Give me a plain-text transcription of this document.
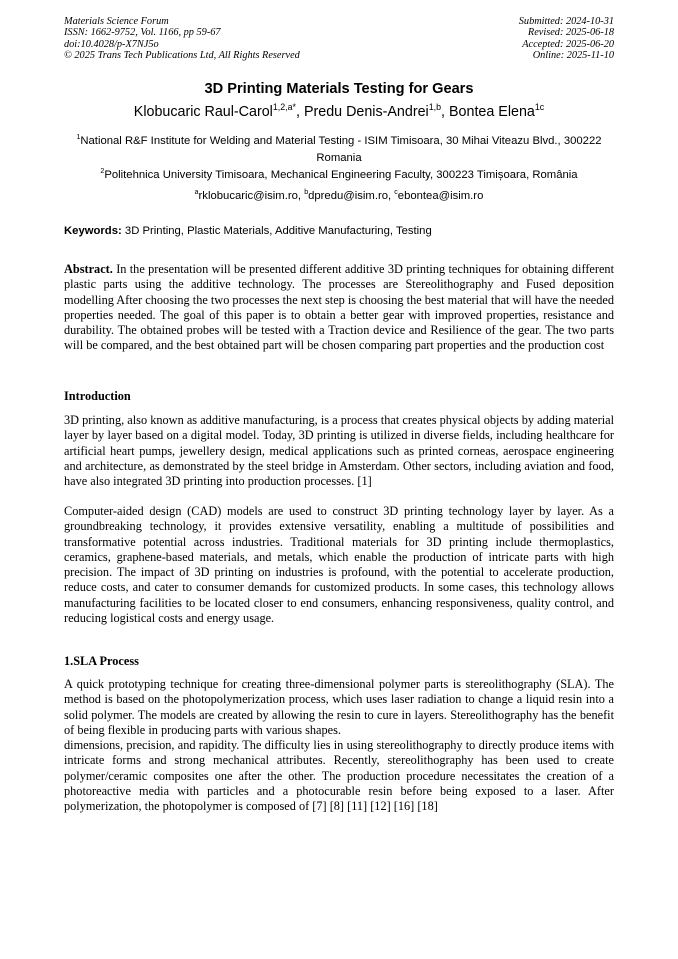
Materials Science Forum
ISSN: 1662-9752, Vol. 1166, pp 59-67
doi:10.4028/p-X7NJ5o
© 2025 Trans Tech Publications Ltd, All Rights Reserved
Submitted: 2024-10-31
Revised: 2025-06-18
Accepted: 2025-06-20
Online: 2025-11-10
3D Printing Materials Testing for Gears
Klobucaric Raul-Carol$^{1,2,a*}$, Predu Denis-Andrei$^{1,b}$, Bontea Elena$^{1c}$
$^1$National R&F Institute for Welding and Material Testing - ISIM Timisoara, 30 Mihai Viteazu Blvd., 300222 Romania
$^2$Politehnica University Timisoara, Mechanical Engineering Faculty, 300223 Timișoara, România
$^a$rklobucaric@isim.ro, $^b$dpredu@isim.ro, $^c$ebontea@isim.ro
Keywords: 3D Printing, Plastic Materials, Additive Manufacturing, Testing
Abstract. In the presentation will be presented different additive 3D printing techniques for obtaining different plastic parts using the additive technology. The processes are Stereolithography and Fused deposition modelling After choosing the two processes the next step is choosing the best material that will have the needed properties needed. The goal of this paper is to obtain a better gear with improved properties, resistance and durability. The obtained probes will be tested with a Traction device and Resilience of the gear. The two parts will be compared, and the best obtained part will be chosen comparing part properties and the production cost
Introduction
3D printing, also known as additive manufacturing, is a process that creates physical objects by adding material layer by layer based on a digital model. Today, 3D printing is utilized in diverse fields, including healthcare for artificial heart pumps, jewellery design, medical applications such as printed corneas, aerospace engineering and architecture, as demonstrated by the steel bridge in Amsterdam. Other sectors, including aviation and food, have also integrated 3D printing into production processes. [1]
Computer-aided design (CAD) models are used to construct 3D printing technology layer by layer. As a groundbreaking technology, it provides extensive versatility, enabling a multitude of possibilities and transformative potential across industries. Traditional materials for 3D printing include thermoplastics, ceramics, graphene-based materials, and metals, which enable the production of intricate parts with high precision. The impact of 3D printing on industries is profound, with the potential to accelerate production, reduce costs, and cater to consumer demands for customized products. In some cases, this technology allows manufacturing facilities to be located closer to end consumers, enhancing responsiveness, quality control, and reducing logistical costs and energy usage.
1.SLA Process
A quick prototyping technique for creating three-dimensional polymer parts is stereolithography (SLA). The method is based on the photopolymerization process, which uses laser radiation to change a liquid resin into a solid polymer. The models are created by allowing the resin to cure in layers. Stereolithography has the benefit of being flexible in producing parts with various shapes.
dimensions, precision, and rapidity. The difficulty lies in using stereolithography to directly produce items with intricate forms and strong mechanical attributes. Recently, stereolithography has been used to create polymer/ceramic composites one after the other. The production procedure necessitates the creation of a photoreactive media with particles and a photocurable resin before being exposed to a laser. After polymerization, the photopolymer is composed of [7] [8] [11] [12] [16] [18]
